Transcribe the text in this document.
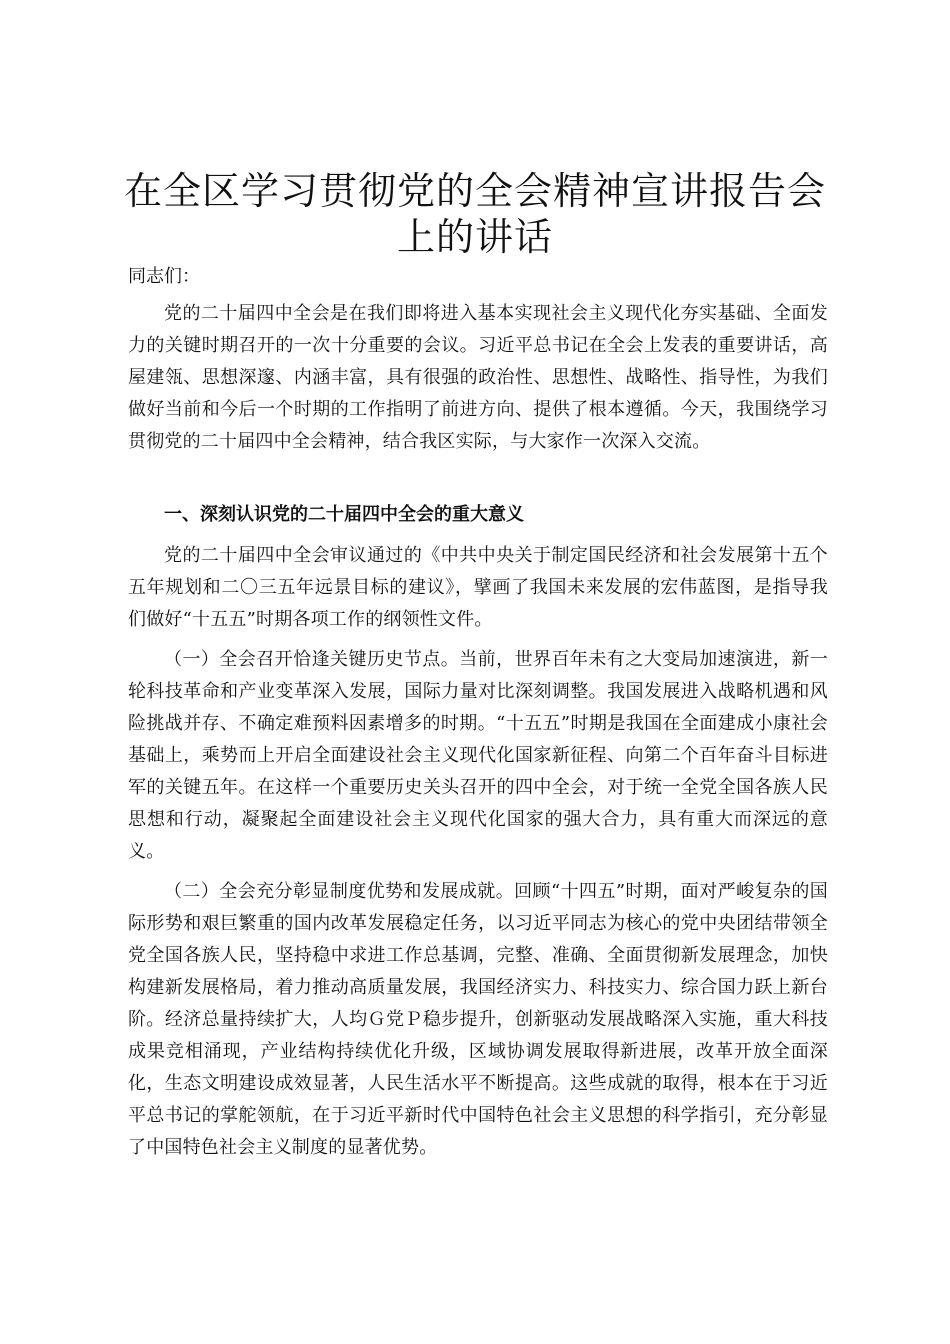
在全区学习贯彻党的全会精神宣讲报告会上的讲话

同志们：

党的二十届四中全会是在我们即将进入基本实现社会主义现代化夯实基础、全面发力的关键时期召开的一次十分重要的会议。习近平总书记在全会上发表的重要讲话，高屋建瓴、思想深邃、内涵丰富，具有很强的政治性、思想性、战略性、指导性，为我们做好当前和今后一个时期的工作指明了前进方向、提供了根本遵循。今天，我围绕学习贯彻党的二十届四中全会精神，结合我区实际，与大家作一次深入交流。

一、深刻认识党的二十届四中全会的重大意义

党的二十届四中全会审议通过的《中共中央关于制定国民经济和社会发展第十五个五年规划和二〇三五年远景目标的建议》，擘画了我国未来发展的宏伟蓝图，是指导我们做好“十五五”时期各项工作的纲领性文件。

（一）全会召开恰逢关键历史节点。当前，世界百年未有之大变局加速演进，新一轮科技革命和产业变革深入发展，国际力量对比深刻调整。我国发展进入战略机遇和风险挑战并存、不确定难预料因素增多的时期。“十五五”时期是我国在全面建成小康社会基础上，乘势而上开启全面建设社会主义现代化国家新征程、向第二个百年奋斗目标进军的关键五年。在这样一个重要历史关头召开的四中全会，对于统一全党全国各族人民思想和行动，凝聚起全面建设社会主义现代化国家的强大合力，具有重大而深远的意义。

（二）全会充分彰显制度优势和发展成就。回顾“十四五”时期，面对严峻复杂的国际形势和艰巨繁重的国内改革发展稳定任务，以习近平同志为核心的党中央团结带领全党全国各族人民，坚持稳中求进工作总基调，完整、准确、全面贯彻新发展理念，加快构建新发展格局，着力推动高质量发展，我国经济实力、科技实力、综合国力跃上新台阶。经济总量持续扩大，人均Ｇ党Ｐ稳步提升，创新驱动发展战略深入实施，重大科技成果竞相涌现，产业结构持续优化升级，区域协调发展取得新进展，改革开放全面深化，生态文明建设成效显著，人民生活水平不断提高。这些成就的取得，根本在于习近平总书记的掌舵领航，在于习近平新时代中国特色社会主义思想的科学指引，充分彰显了中国特色社会主义制度的显著优势。
